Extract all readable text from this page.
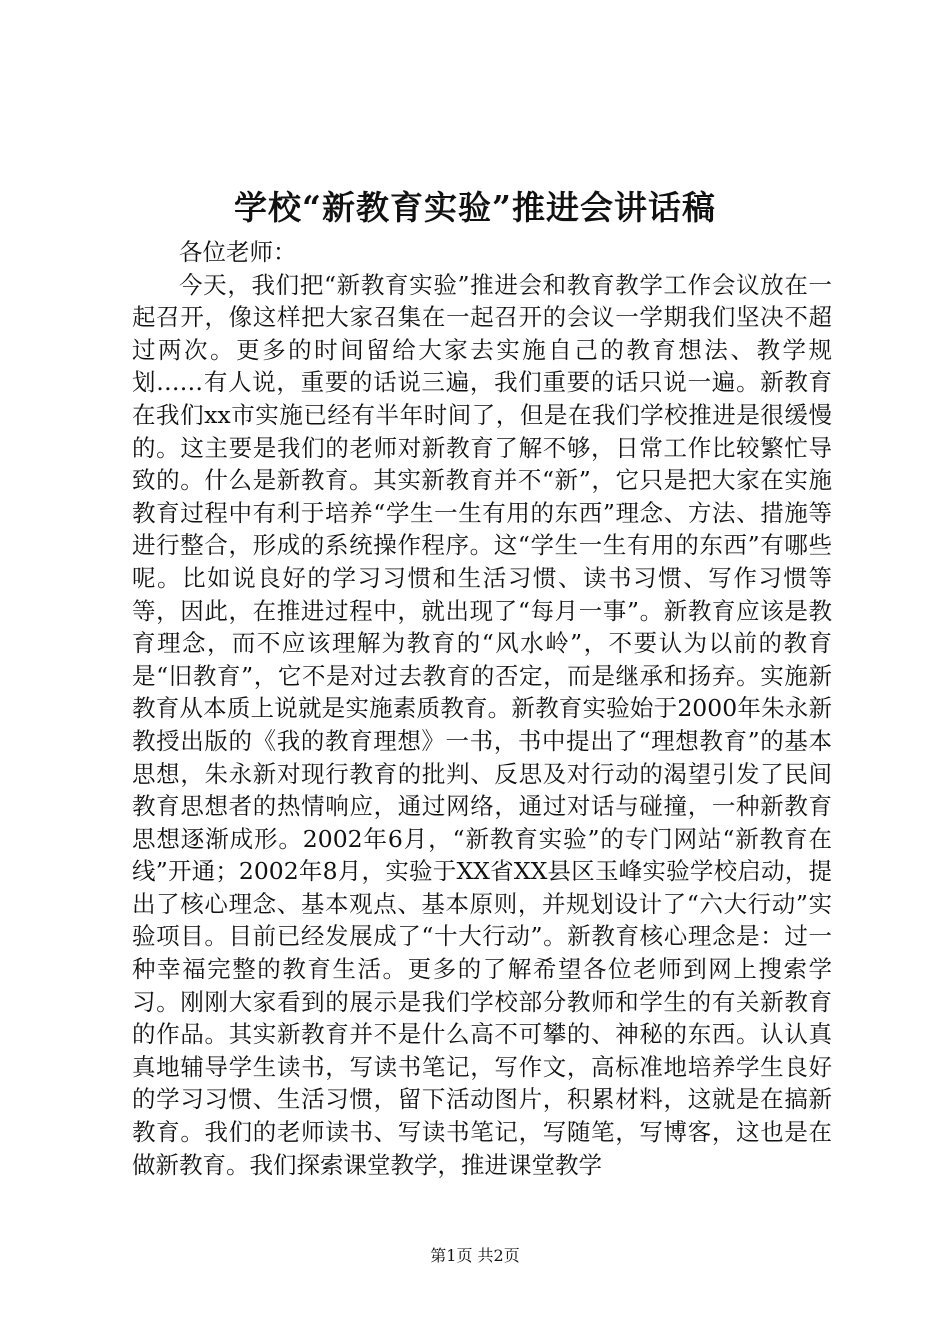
学校“新教育实验”推进会讲话稿

各位老师：

今天，我们把“新教育实验”推进会和教育教学工作会议放在一起召开，像这样把大家召集在一起召开的会议一学期我们坚决不超过两次。更多的时间留给大家去实施自己的教育想法、教学规划……有人说，重要的话说三遍，我们重要的话只说一遍。新教育在我们xx市实施已经有半年时间了，但是在我们学校推进是很缓慢的。这主要是我们的老师对新教育了解不够，日常工作比较繁忙导致的。什么是新教育。其实新教育并不“新”，它只是把大家在实施教育过程中有利于培养“学生一生有用的东西”理念、方法、措施等进行整合，形成的系统操作程序。这“学生一生有用的东西”有哪些呢。比如说良好的学习习惯和生活习惯、读书习惯、写作习惯等等，因此，在推进过程中，就出现了“每月一事”。新教育应该是教育理念，而不应该理解为教育的“风水岭”，不要认为以前的教育是“旧教育”，它不是对过去教育的否定，而是继承和扬弃。实施新教育从本质上说就是实施素质教育。新教育实验始于2000年朱永新教授出版的《我的教育理想》一书，书中提出了“理想教育”的基本思想，朱永新对现行教育的批判、反思及对行动的渴望引发了民间教育思想者的热情响应，通过网络，通过对话与碰撞，一种新教育思想逐渐成形。2002年6月，“新教育实验”的专门网站“新教育在线”开通；2002年8月，实验于XX省XX县区玉峰实验学校启动，提出了核心理念、基本观点、基本原则，并规划设计了“六大行动”实验项目。目前已经发展成了“十大行动”。新教育核心理念是：过一种幸福完整的教育生活。更多的了解希望各位老师到网上搜索学习。刚刚大家看到的展示是我们学校部分教师和学生的有关新教育的作品。其实新教育并不是什么高不可攀的、神秘的东西。认认真真地辅导学生读书，写读书笔记，写作文，高标准地培养学生良好的学习习惯、生活习惯，留下活动图片，积累材料，这就是在搞新教育。我们的老师读书、写读书笔记，写随笔，写博客，这也是在做新教育。我们探索课堂教学，推进课堂教学

第1页 共2页
